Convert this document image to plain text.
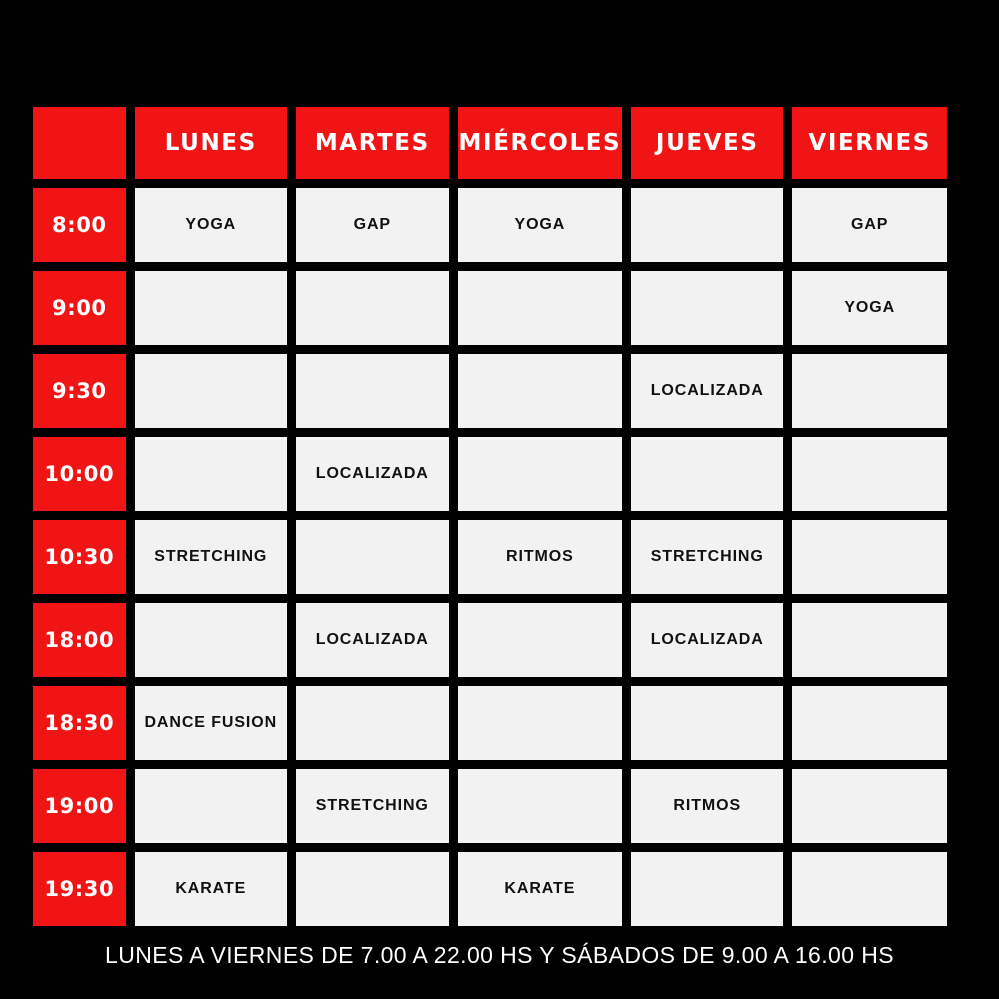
	LUNES	MARTES	MIÉRCOLES	JUEVES	VIERNES
8:00	YOGA	GAP	YOGA		GAP
9:00					YOGA
9:30				LOCALIZADA	
10:00		LOCALIZADA			
10:30	STRETCHING		RITMOS	STRETCHING	
18:00		LOCALIZADA		LOCALIZADA	
18:30	DANCE FUSION				
19:00		STRETCHING		RITMOS	
19:30	KARATE		KARATE		
LUNES A VIERNES DE 7.00 A 22.00 HS Y SÁBADOS DE 9.00 A 16.00 HS
